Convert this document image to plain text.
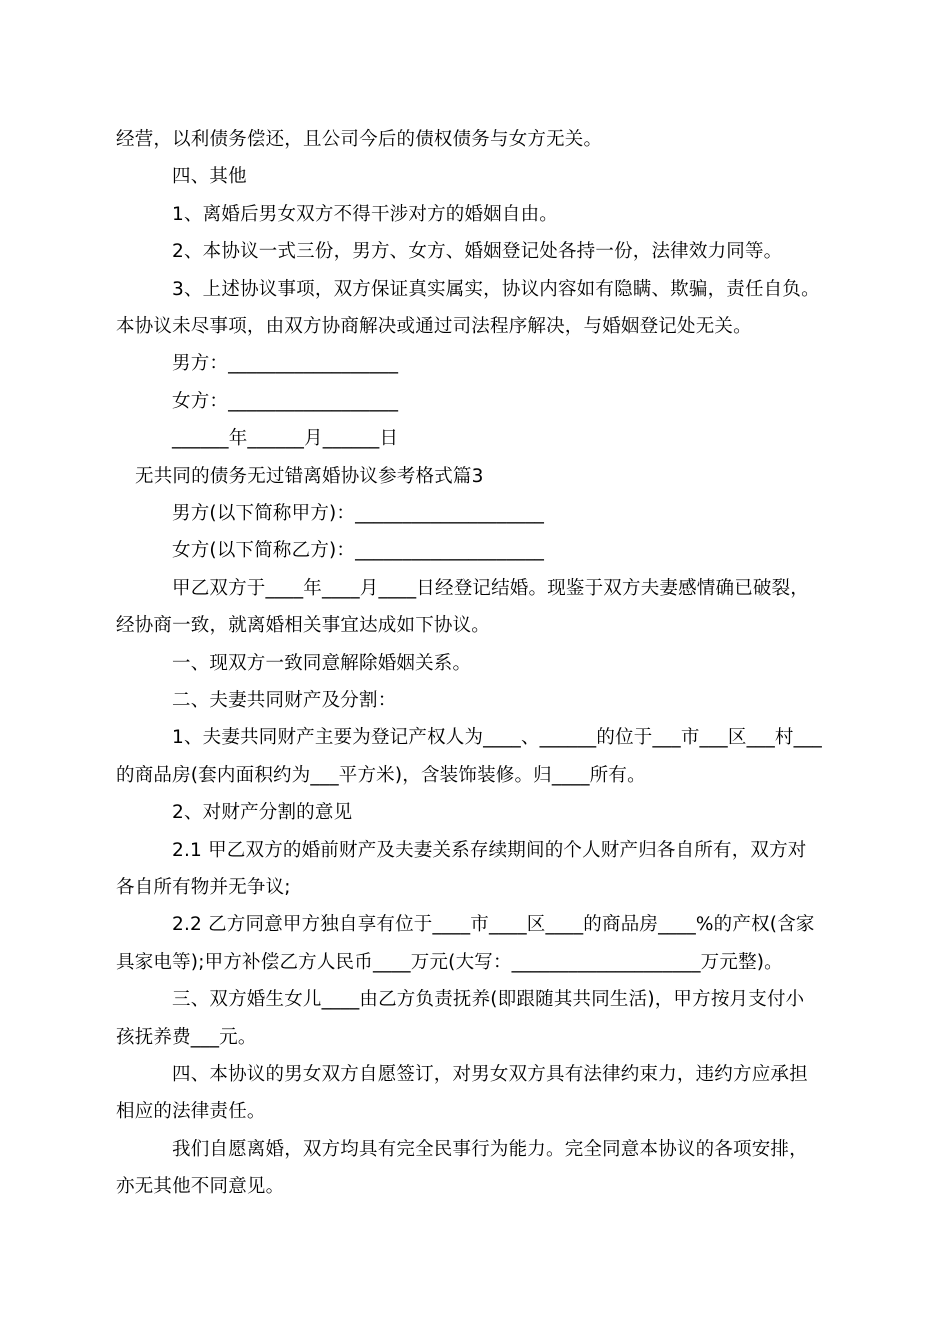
经营，以利债务偿还，且公司今后的债权债务与女方无关。
四、其他
1、离婚后男女双方不得干涉对方的婚姻自由。
2、本协议一式三份，男方、女方、婚姻登记处各持一份，法律效力同等。
3、上述协议事项，双方保证真实属实，协议内容如有隐瞒、欺骗，责任自负。
本协议未尽事项，由双方协商解决或通过司法程序解决，与婚姻登记处无关。
男方：__________________
女方：__________________
______年______月______日
无共同的债务无过错离婚协议参考格式篇3
男方(以下简称甲方)：____________________
女方(以下简称乙方)：____________________
甲乙双方于____年____月____日经登记结婚。现鉴于双方夫妻感情确已破裂，
经协商一致，就离婚相关事宜达成如下协议。
一、现双方一致同意解除婚姻关系。
二、夫妻共同财产及分割：
1、夫妻共同财产主要为登记产权人为____、______的位于___市___区___村___
的商品房(套内面积约为___平方米)，含装饰装修。归____所有。
2、对财产分割的意见
2.1 甲乙双方的婚前财产及夫妻关系存续期间的个人财产归各自所有，双方对
各自所有物并无争议;
2.2 乙方同意甲方独自享有位于____市____区____的商品房____%的产权(含家
具家电等);甲方补偿乙方人民币____万元(大写：____________________万元整)。
三、双方婚生女儿____由乙方负责抚养(即跟随其共同生活)，甲方按月支付小
孩抚养费___元。
四、本协议的男女双方自愿签订，对男女双方具有法律约束力，违约方应承担
相应的法律责任。
我们自愿离婚，双方均具有完全民事行为能力。完全同意本协议的各项安排，
亦无其他不同意见。
